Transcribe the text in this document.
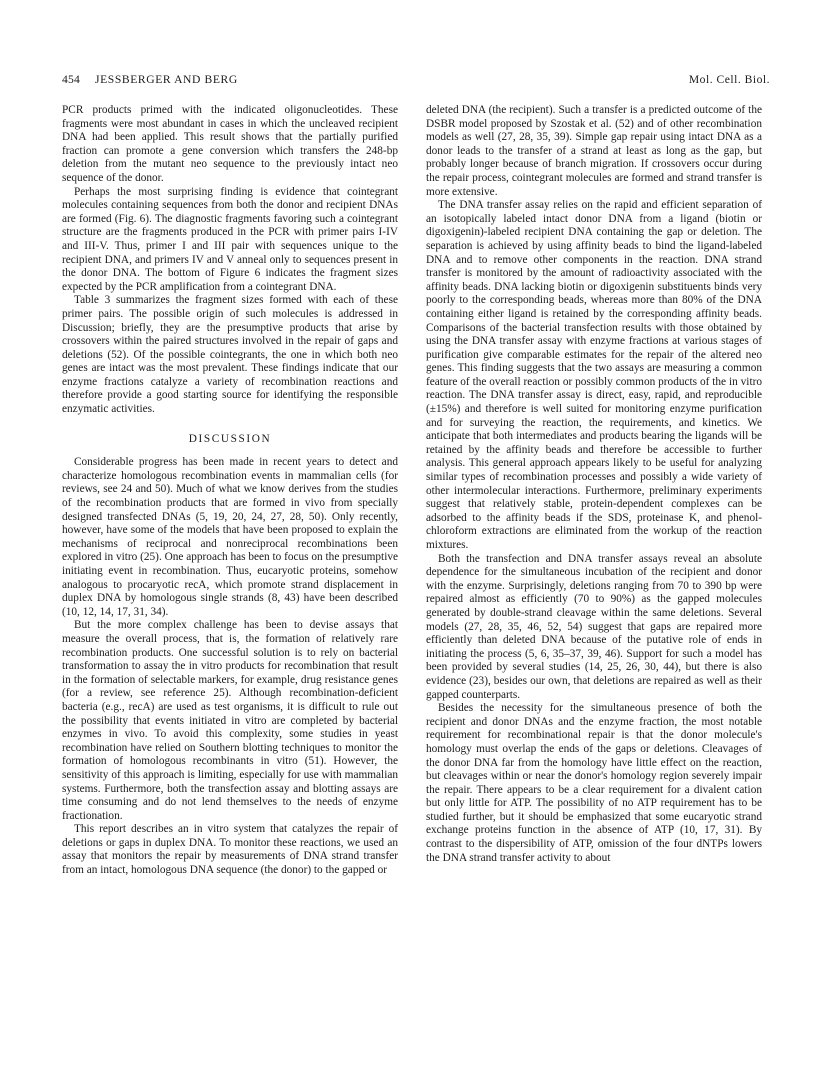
454 JESSBERGER AND BERG	Mol. Cell. Biol.

PCR products primed with the indicated oligonucleotides. These fragments were most abundant in cases in which the uncleaved recipient DNA had been applied. This result shows that the partially purified fraction can promote a gene conversion which transfers the 248-bp deletion from the mutant neo sequence to the previously intact neo sequence of the donor.

Perhaps the most surprising finding is evidence that cointegrant molecules containing sequences from both the donor and recipient DNAs are formed (Fig. 6). The diagnostic fragments favoring such a cointegrant structure are the fragments produced in the PCR with primer pairs I-IV and III-V. Thus, primer I and III pair with sequences unique to the recipient DNA, and primers IV and V anneal only to sequences present in the donor DNA. The bottom of Figure 6 indicates the fragment sizes expected by the PCR amplification from a cointegrant DNA.

Table 3 summarizes the fragment sizes formed with each of these primer pairs. The possible origin of such molecules is addressed in Discussion; briefly, they are the presumptive products that arise by crossovers within the paired structures involved in the repair of gaps and deletions (52). Of the possible cointegrants, the one in which both neo genes are intact was the most prevalent. These findings indicate that our enzyme fractions catalyze a variety of recombination reactions and therefore provide a good starting source for identifying the responsible enzymatic activities.

DISCUSSION

Considerable progress has been made in recent years to detect and characterize homologous recombination events in mammalian cells (for reviews, see 24 and 50). Much of what we know derives from the studies of the recombination products that are formed in vivo from specially designed transfected DNAs (5, 19, 20, 24, 27, 28, 50). Only recently, however, have some of the models that have been proposed to explain the mechanisms of reciprocal and nonreciprocal recombinations been explored in vitro (25). One approach has been to focus on the presumptive initiating event in recombination. Thus, eucaryotic proteins, somehow analogous to procaryotic recA, which promote strand displacement in duplex DNA by homologous single strands (8, 43) have been described (10, 12, 14, 17, 31, 34).

But the more complex challenge has been to devise assays that measure the overall process, that is, the formation of relatively rare recombination products. One successful solution is to rely on bacterial transformation to assay the in vitro products for recombination that result in the formation of selectable markers, for example, drug resistance genes (for a review, see reference 25). Although recombination-deficient bacteria (e.g., recA) are used as test organisms, it is difficult to rule out the possibility that events initiated in vitro are completed by bacterial enzymes in vivo. To avoid this complexity, some studies in yeast recombination have relied on Southern blotting techniques to monitor the formation of homologous recombinants in vitro (51). However, the sensitivity of this approach is limiting, especially for use with mammalian systems. Furthermore, both the transfection assay and blotting assays are time consuming and do not lend themselves to the needs of enzyme fractionation.

This report describes an in vitro system that catalyzes the repair of deletions or gaps in duplex DNA. To monitor these reactions, we used an assay that monitors the repair by measurements of DNA strand transfer from an intact, homologous DNA sequence (the donor) to the gapped or

deleted DNA (the recipient). Such a transfer is a predicted outcome of the DSBR model proposed by Szostak et al. (52) and of other recombination models as well (27, 28, 35, 39). Simple gap repair using intact DNA as a donor leads to the transfer of a strand at least as long as the gap, but probably longer because of branch migration. If crossovers occur during the repair process, cointegrant molecules are formed and strand transfer is more extensive.

The DNA transfer assay relies on the rapid and efficient separation of an isotopically labeled intact donor DNA from a ligand (biotin or digoxigenin)-labeled recipient DNA containing the gap or deletion. The separation is achieved by using affinity beads to bind the ligand-labeled DNA and to remove other components in the reaction. DNA strand transfer is monitored by the amount of radioactivity associated with the affinity beads. DNA lacking biotin or digoxigenin substituents binds very poorly to the corresponding beads, whereas more than 80% of the DNA containing either ligand is retained by the corresponding affinity beads. Comparisons of the bacterial transfection results with those obtained by using the DNA transfer assay with enzyme fractions at various stages of purification give comparable estimates for the repair of the altered neo genes. This finding suggests that the two assays are measuring a common feature of the overall reaction or possibly common products of the in vitro reaction. The DNA transfer assay is direct, easy, rapid, and reproducible (±15%) and therefore is well suited for monitoring enzyme purification and for surveying the reaction, the requirements, and kinetics. We anticipate that both intermediates and products bearing the ligands will be retained by the affinity beads and therefore be accessible to further analysis. This general approach appears likely to be useful for analyzing similar types of recombination processes and possibly a wide variety of other intermolecular interactions. Furthermore, preliminary experiments suggest that relatively stable, protein-dependent complexes can be adsorbed to the affinity beads if the SDS, proteinase K, and phenol-chloroform extractions are eliminated from the workup of the reaction mixtures.

Both the transfection and DNA transfer assays reveal an absolute dependence for the simultaneous incubation of the recipient and donor with the enzyme. Surprisingly, deletions ranging from 70 to 390 bp were repaired almost as efficiently (70 to 90%) as the gapped molecules generated by double-strand cleavage within the same deletions. Several models (27, 28, 35, 46, 52, 54) suggest that gaps are repaired more efficiently than deleted DNA because of the putative role of ends in initiating the process (5, 6, 35–37, 39, 46). Support for such a model has been provided by several studies (14, 25, 26, 30, 44), but there is also evidence (23), besides our own, that deletions are repaired as well as their gapped counterparts.

Besides the necessity for the simultaneous presence of both the recipient and donor DNAs and the enzyme fraction, the most notable requirement for recombinational repair is that the donor molecule's homology must overlap the ends of the gaps or deletions. Cleavages of the donor DNA far from the homology have little effect on the reaction, but cleavages within or near the donor's homology region severely impair the repair. There appears to be a clear requirement for a divalent cation but only little for ATP. The possibility of no ATP requirement has to be studied further, but it should be emphasized that some eucaryotic strand exchange proteins function in the absence of ATP (10, 17, 31). By contrast to the dispersibility of ATP, omission of the four dNTPs lowers the DNA strand transfer activity to about
